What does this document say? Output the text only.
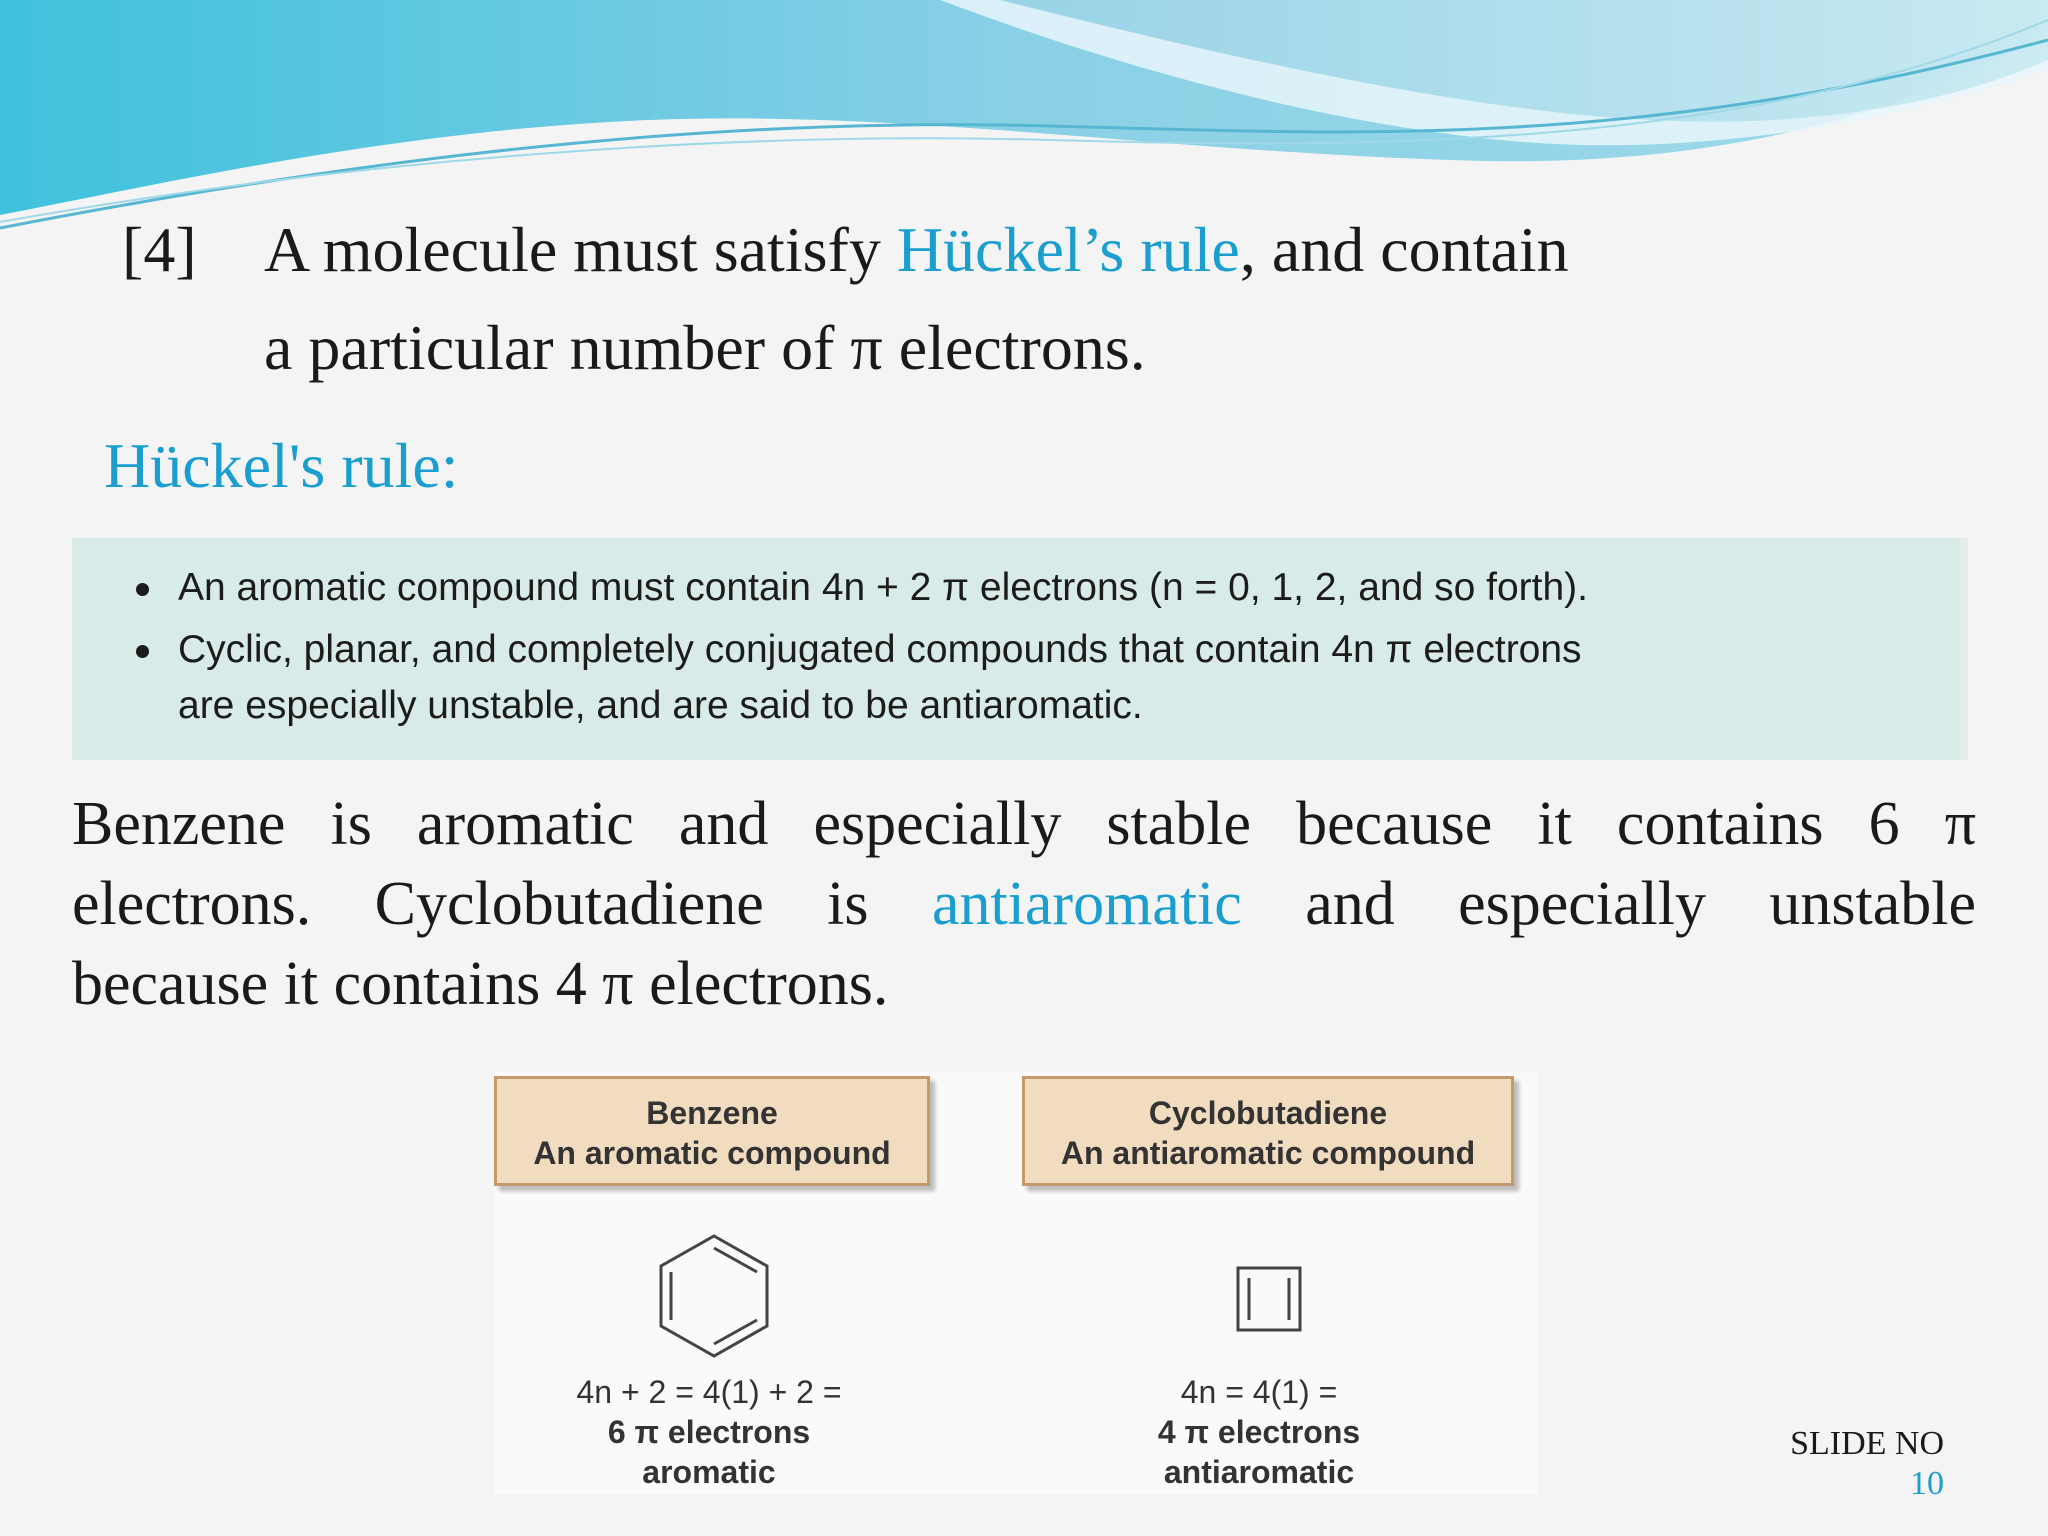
[4] A molecule must satisfy Hückel’s rule, and contain
a particular number of π electrons.
Hückel's rule:
An aromatic compound must contain 4n + 2 π electrons (n = 0, 1, 2, and so forth).
Cyclic, planar, and completely conjugated compounds that contain 4n π electrons
are especially unstable, and are said to be antiaromatic.
Benzene is aromatic and especially stable because it contains 6 π
electrons. Cyclobutadiene is antiaromatic and especially unstable
because it contains 4 π electrons.
Benzene
An aromatic compound
Cyclobutadiene
An antiaromatic compound
4n + 2 = 4(1) + 2 =
6 π electrons
aromatic
4n = 4(1) =
4 π electrons
antiaromatic
SLIDE NO
10
